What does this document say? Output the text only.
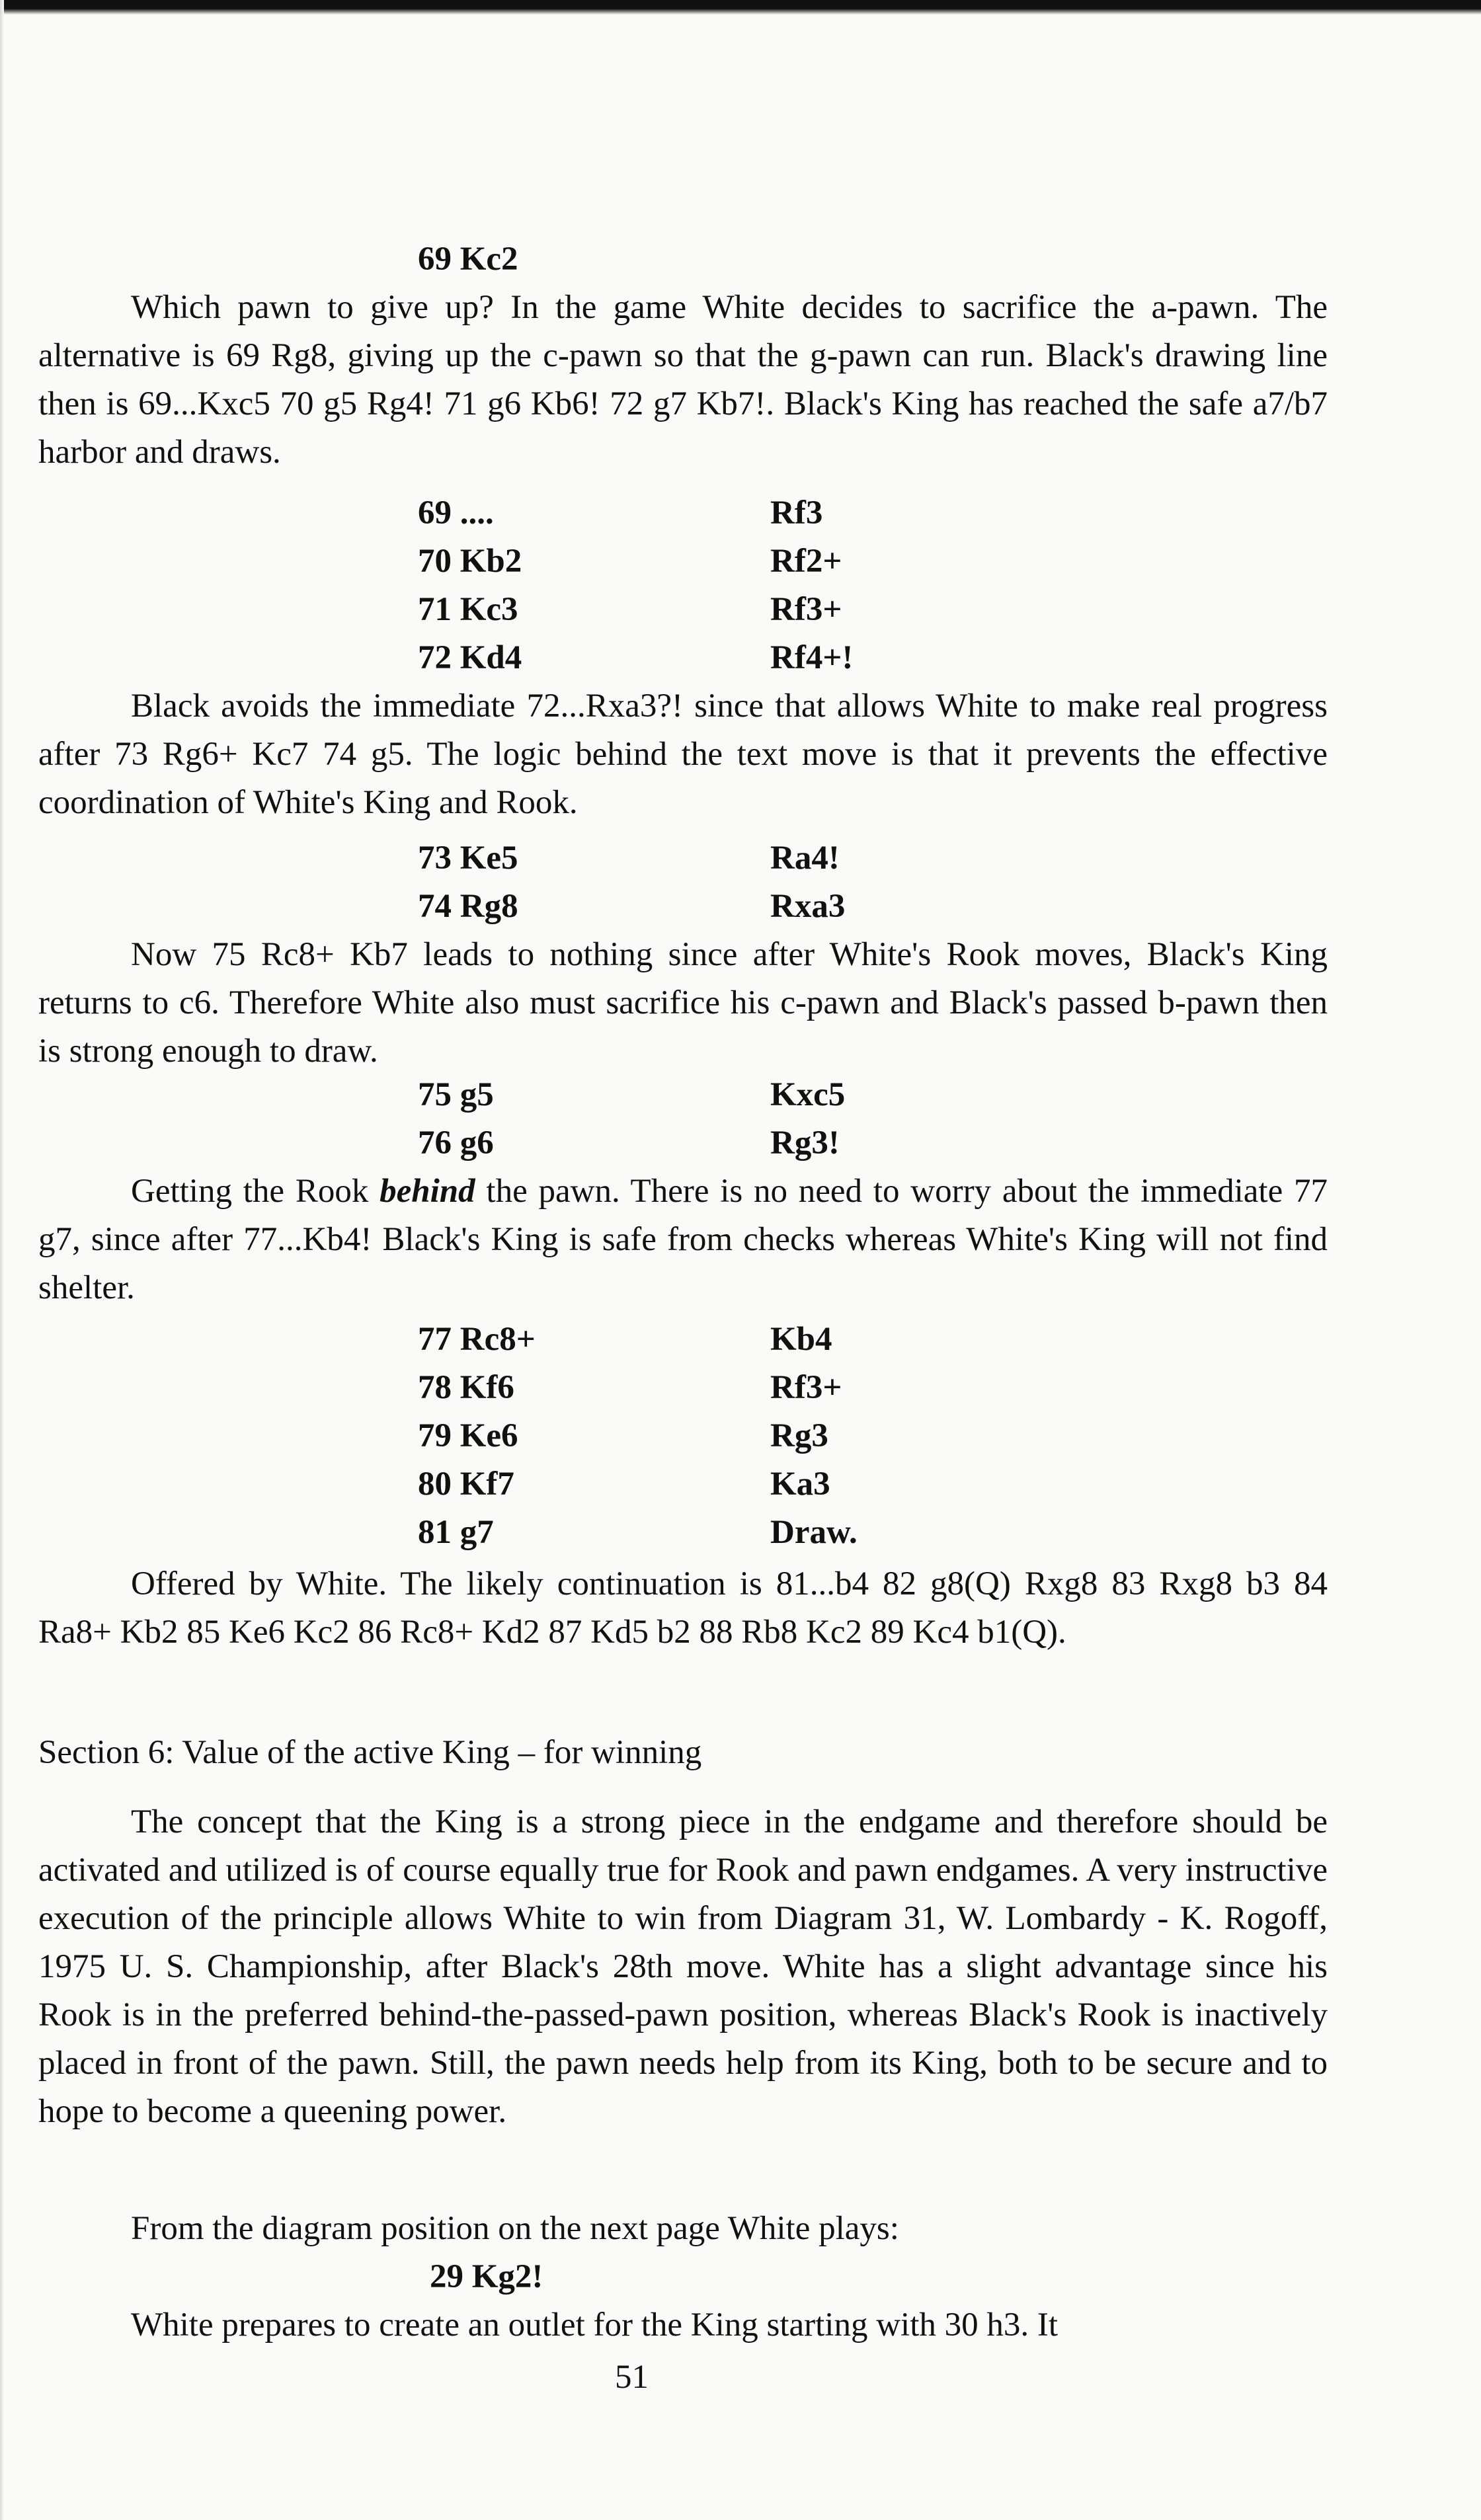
69 Kc2

Which pawn to give up? In the game White decides to sacrifice the a-pawn. The alternative is 69 Rg8, giving up the c-pawn so that the g-pawn can run. Black's drawing line then is 69...Kxc5 70 g5 Rg4! 71 g6 Kb6! 72 g7 Kb7!. Black's King has reached the safe a7/b7 harbor and draws.

69 ....	Rf3
70 Kb2	Rf2+
71 Kc3	Rf3+
72 Kd4	Rf4+!

Black avoids the immediate 72...Rxa3?! since that allows White to make real progress after 73 Rg6+ Kc7 74 g5. The logic behind the text move is that it prevents the effective coordination of White's King and Rook.

73 Ke5	Ra4!
74 Rg8	Rxa3

Now 75 Rc8+ Kb7 leads to nothing since after White's Rook moves, Black's King returns to c6. Therefore White also must sacrifice his c-pawn and Black's passed b-pawn then is strong enough to draw.

75 g5	Kxc5
76 g6	Rg3!

Getting the Rook behind the pawn. There is no need to worry about the immediate 77 g7, since after 77...Kb4! Black's King is safe from checks whereas White's King will not find shelter.

77 Rc8+	Kb4
78 Kf6	Rf3+
79 Ke6	Rg3
80 Kf7	Ka3
81 g7	Draw.

Offered by White. The likely continuation is 81...b4 82 g8(Q) Rxg8 83 Rxg8 b3 84 Ra8+ Kb2 85 Ke6 Kc2 86 Rc8+ Kd2 87 Kd5 b2 88 Rb8 Kc2 89 Kc4 b1(Q).

Section 6: Value of the active King – for winning

The concept that the King is a strong piece in the endgame and therefore should be activated and utilized is of course equally true for Rook and pawn endgames. A very instructive execution of the principle allows White to win from Diagram 31, W. Lombardy - K. Rogoff, 1975 U. S. Championship, after Black's 28th move. White has a slight advantage since his Rook is in the preferred behind-the-passed-pawn position, whereas Black's Rook is inactively placed in front of the pawn. Still, the pawn needs help from its King, both to be secure and to hope to become a queening power.

From the diagram position on the next page White plays:

29 Kg2!

White prepares to create an outlet for the King starting with 30 h3. It

51
